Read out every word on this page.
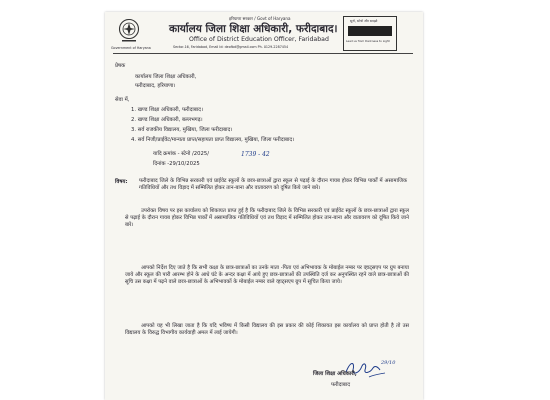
Government of Haryana
हरियाणा सरकार / Govt of Haryana
कार्यालय जिला शिक्षा अधिकारी, फरीदाबाद।
Office of District Education Officer, Faridabad
Sector-16, Faridabad, Email Id: deofbd@gmail.com Ph. 0129-2287454
सुनो, सोचो और समझो
Lead us from Darkness to Light
प्रेषक
कार्यालय जिला शिक्षा अधिकारी,
फरीदाबाद, हरियाणा।
सेवा में,
1. खण्ड शिक्षा अधिकारी, फरीदाबाद।
2. खण्ड शिक्षा अधिकारी, बल्लभगढ़।
3. सर्व राजकीय विद्यालय, मुखिया, जिला फरीदाबाद।
4. सर्व निजी/प्राईवेट/मान्यता प्राप्त/सहायता प्राप्त विद्यालय, मुखिया, जिला फरीदाबाद।
यादि क्रमांक - स्टेनो /2025/	1739 - 42
दिनांक -29/10/2025
विषय: फरीदाबाद जिले के विभिन्न सरकारी एवं प्राईवेट स्कूलों के छात्र-छात्राओं द्वारा स्कूल से पढ़ाई के दौरान गायब होकर विभिन्न पार्कों में असामाजिक गतिविधियों और तथ विड़ाद में सम्मिलित होकर तान-बाना और वातावरण को दूषित किये जाने बारे।
उपरोक्त विषय पर इस कार्यालय को शिकायत प्राप्त हुई है कि फरीदाबाद जिले के विभिन्न सरकारी एवं प्राईवेट स्कूलों के छात्र-छात्राओं द्वारा स्कूल से पढ़ाई के दौरान गायब होकर विभिन्न पार्कों में असामाजिक गतिविधियों एवं तथ विड़ाद में सम्मिलित होकर तान-बाना और वातावरण को दूषित किये जाने बारे।
आपको निर्देश दिए जाते है कि सभी कक्षा के छात्र-छात्राओं का उनके माता -पिता एवं अभिभावक के मोबाईल नम्बर पर व्हाट्सएप पर ग्रुप बनाया जाये और स्कूल की पारी आरम्भ होने के आधे घंटे के अन्दर कक्षा में आये हुए छात्र-छात्राओं की उपस्थिति दर्ज कर अनुपस्थित रहने वाले छात्र-छात्राओं की सूचि उस कक्षा में पढ़ने वाले छात्र-छात्राओं के अभिभावकों के मोबाईल नम्बर वाले व्हाट्सएप ग्रुप में सूचित किया जाये।
आपको यह भी लिखा जाता है कि यदि भविष्य में किसी विद्यालय की इस प्रकार की कोई शिकायत इस कार्यालय को प्राप्त होती है तो उस विद्यालय के विरुद्ध विभागीय कार्यवाही अमल में लाई जायेगी।
29/10
जिला शिक्षा अधिकारी,
फरीदाबाद
